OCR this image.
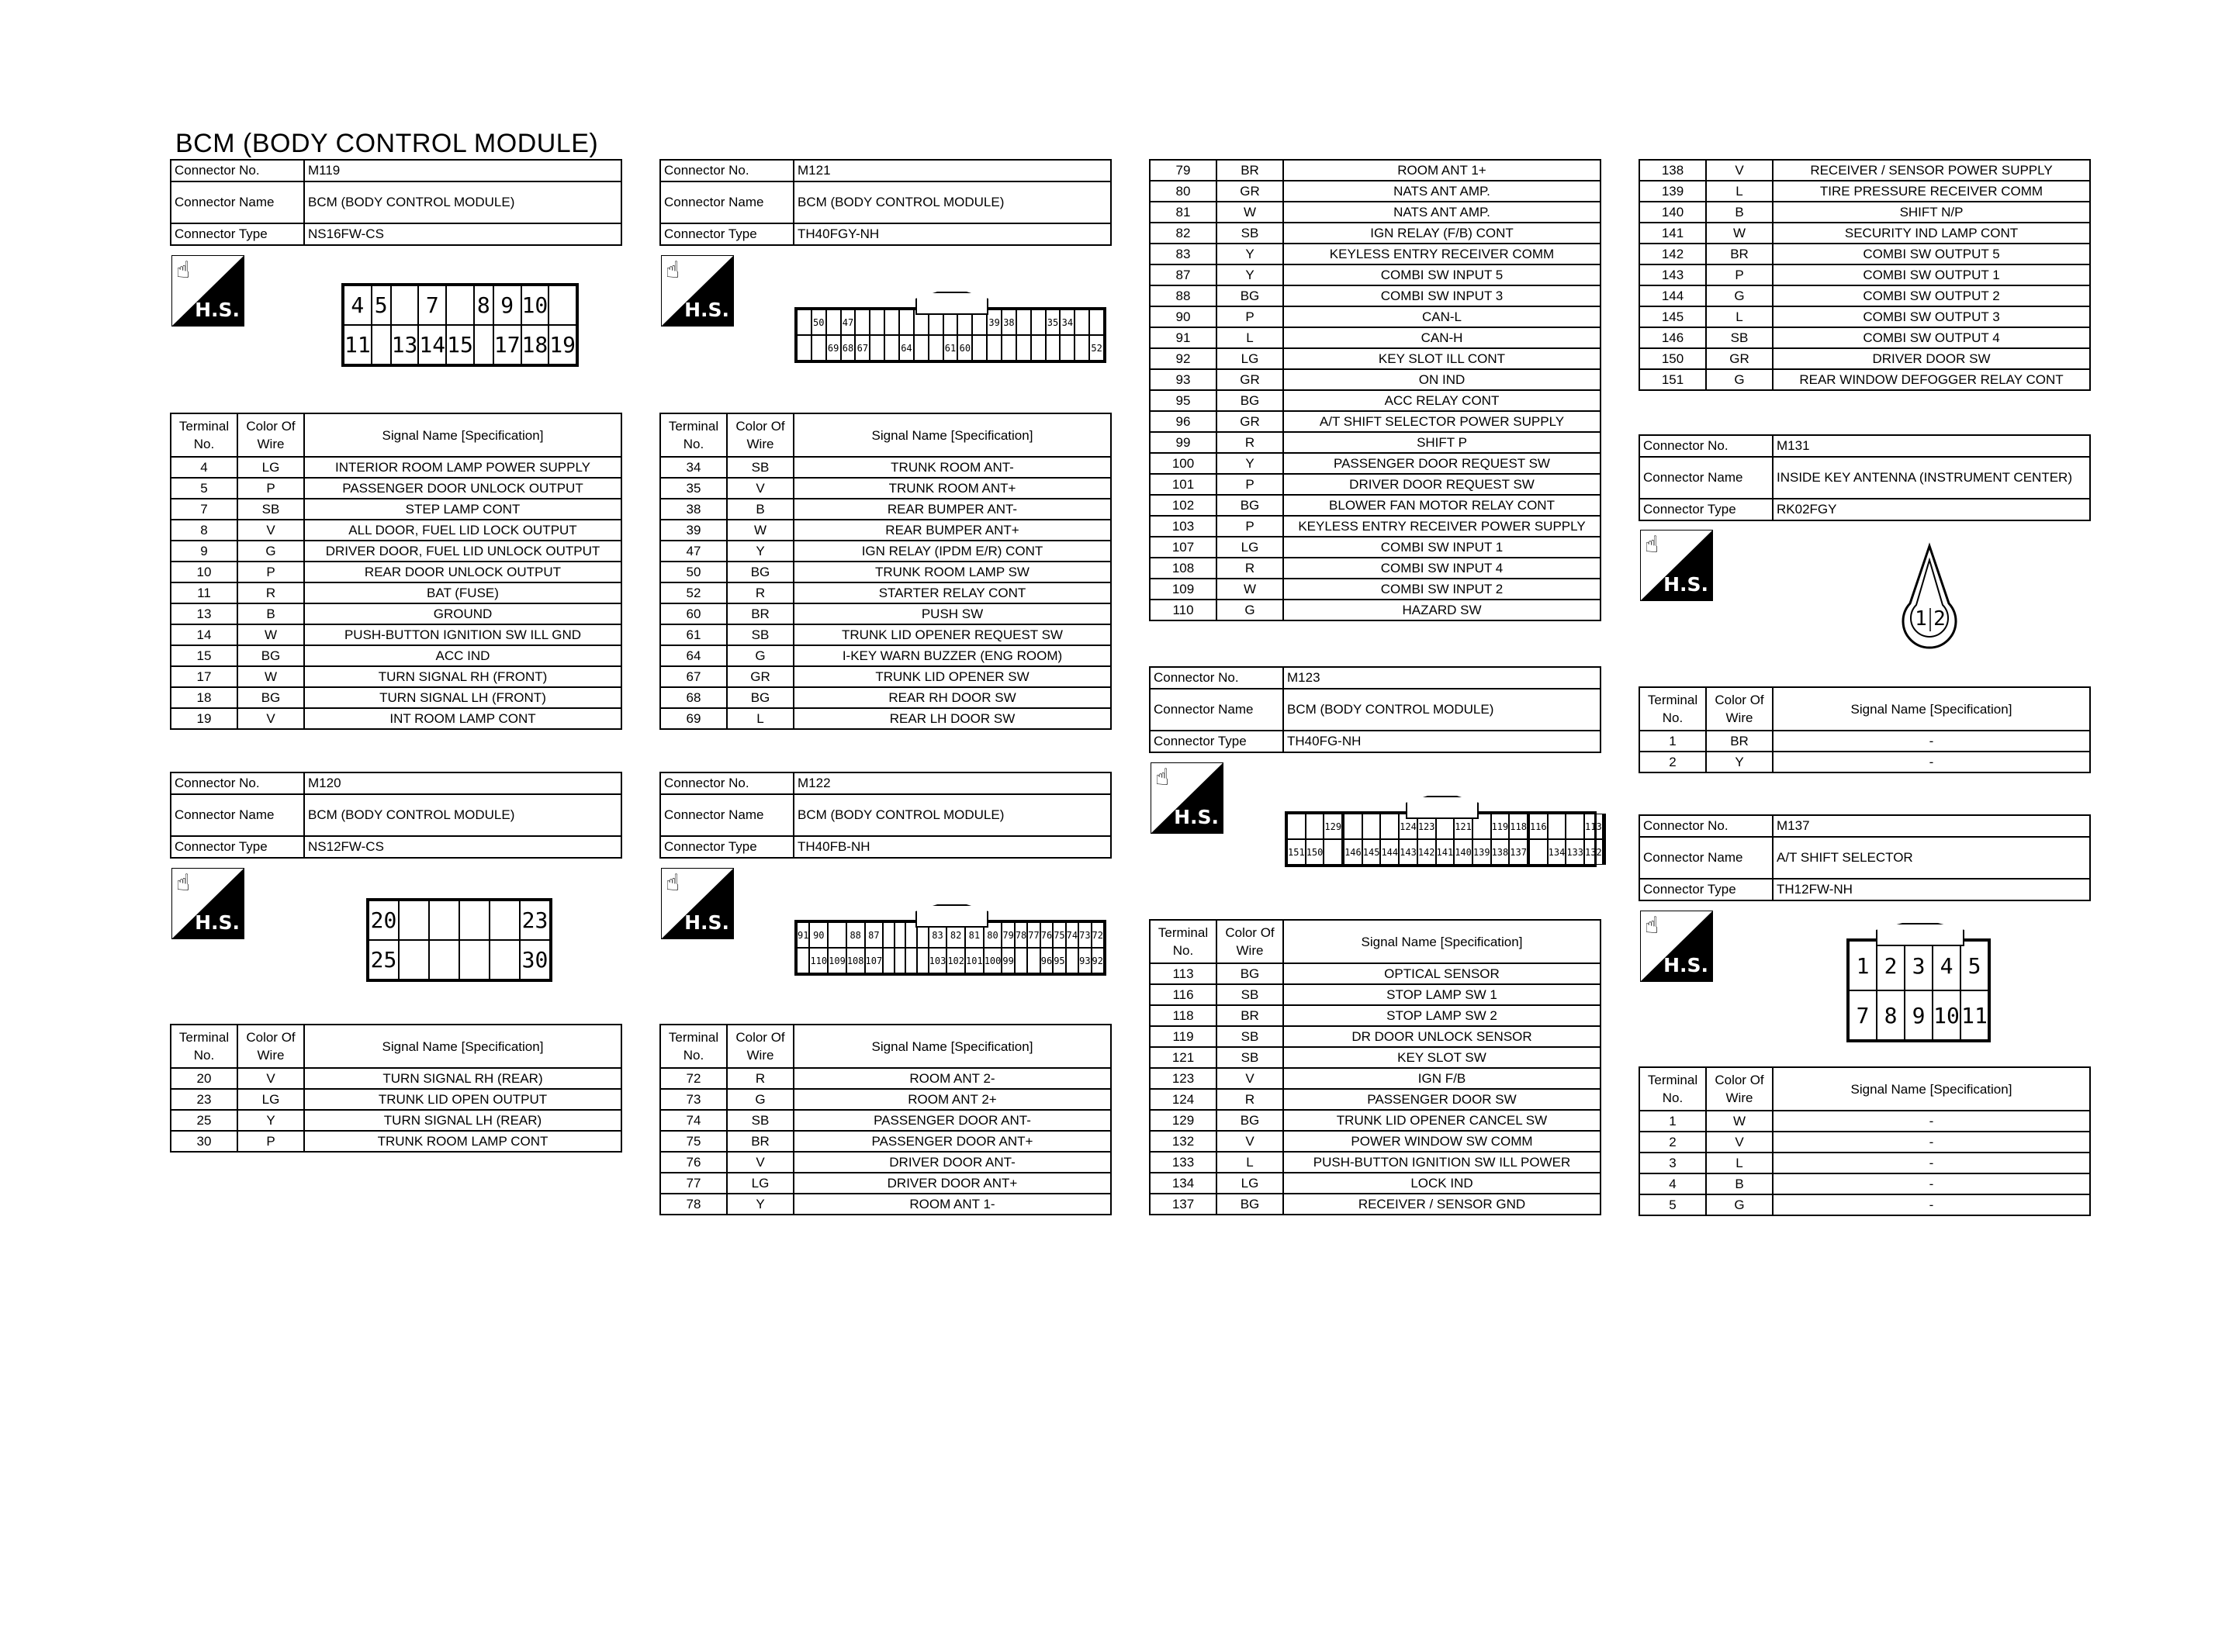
BCM (BODY CONTROL MODULE)
Connector No.	M119
Connector Name	BCM (BODY CONTROL MODULE)
Connector Type	NS16FW-CS
☝
H.S.	4 5	7	8 9 10
11 13 14 15 17 18 19
Terminal
No.	Color Of
Wire	Signal Name [Specification]
4	LG	INTERIOR ROOM LAMP POWER SUPPLY
5	P	PASSENGER DOOR UNLOCK OUTPUT
7	SB	STEP LAMP CONT
8	V	ALL DOOR, FUEL LID LOCK OUTPUT
9	G	DRIVER DOOR, FUEL LID UNLOCK OUTPUT
10	P	REAR DOOR UNLOCK OUTPUT
11	R	BAT (FUSE)
13	B	GROUND
14	W	PUSH-BUTTON IGNITION SW ILL GND
15	BG	ACC IND
17	W	TURN SIGNAL RH (FRONT)
18	BG	TURN SIGNAL LH (FRONT)
19	V	INT ROOM LAMP CONT
Connector No.	M120
Connector Name	BCM (BODY CONTROL MODULE)
Connector Type	NS12FW-CS
☝
H.S.	20	23
25	30
Terminal
No.	Color Of
Wire	Signal Name [Specification]
20	V	TURN SIGNAL RH (REAR)
23	LG	TRUNK LID OPEN OUTPUT
25	Y	TURN SIGNAL LH (REAR)
30	P	TRUNK ROOM LAMP CONT
Connector No.	M121
Connector Name	BCM (BODY CONTROL MODULE)
Connector Type	TH40FGY-NH
☝
H.S.
50 47	39 38	35 34
69 68 67	64	61 60	52
Terminal
No.	Color Of
Wire	Signal Name [Specification]
34	SB	TRUNK ROOM ANT-
35	V	TRUNK ROOM ANT+
38	B	REAR BUMPER ANT-
39	W	REAR BUMPER ANT+
47	Y	IGN RELAY (IPDM E/R) CONT
50	BG	TRUNK ROOM LAMP SW
52	R	STARTER RELAY CONT
60	BR	PUSH SW
61	SB	TRUNK LID OPENER REQUEST SW
64	G	I-KEY WARN BUZZER (ENG ROOM)
67	GR	TRUNK LID OPENER SW
68	BG	REAR RH DOOR SW
69	L	REAR LH DOOR SW
Connector No.	M122
Connector Name	BCM (BODY CONTROL MODULE)
Connector Type	TH40FB-NH
☝
H.S.
91 90	88 87	83 82 81 80 79 78 77 76 75 74 73 72
110 109 108 107	103 102 101 100 99	96 95 93 92
Terminal
No.	Color Of
Wire	Signal Name [Specification]
72	R	ROOM ANT 2-
73	G	ROOM ANT 2+
74	SB	PASSENGER DOOR ANT-
75	BR	PASSENGER DOOR ANT+
76	V	DRIVER DOOR ANT-
77	LG	DRIVER DOOR ANT+
78	Y	ROOM ANT 1-
79	BR	ROOM ANT 1+
80	GR	NATS ANT AMP.
81	W	NATS ANT AMP.
82	SB	IGN RELAY (F/B) CONT
83	Y	KEYLESS ENTRY RECEIVER COMM
87	Y	COMBI SW INPUT 5
88	BG	COMBI SW INPUT 3
90	P	CAN-L
91	L	CAN-H
92	LG	KEY SLOT ILL CONT
93	GR	ON IND
95	BG	ACC RELAY CONT
96	GR	A/T SHIFT SELECTOR POWER SUPPLY
99	R	SHIFT P
100	Y	PASSENGER DOOR REQUEST SW
101	P	DRIVER DOOR REQUEST SW
102	BG	BLOWER FAN MOTOR RELAY CONT
103	P	KEYLESS ENTRY RECEIVER POWER SUPPLY
107	LG	COMBI SW INPUT 1
108	R	COMBI SW INPUT 4
109	W	COMBI SW INPUT 2
110	G	HAZARD SW
Connector No.	M123
Connector Name	BCM (BODY CONTROL MODULE)
Connector Type	TH40FG-NH
☝
H.S.	129	124 123 121 119 118 116	113
151 150 146 145 144 143 142 141 140 139 138 137 134 133 132
Terminal
No.	Color Of
Wire	Signal Name [Specification]
113	BG	OPTICAL SENSOR
116	SB	STOP LAMP SW 1
118	BR	STOP LAMP SW 2
119	SB	DR DOOR UNLOCK SENSOR
121	SB	KEY SLOT SW
123	V	IGN F/B
124	R	PASSENGER DOOR SW
129	BG	TRUNK LID OPENER CANCEL SW
132	V	POWER WINDOW SW COMM
133	L	PUSH-BUTTON IGNITION SW ILL POWER
134	LG	LOCK IND
137	BG	RECEIVER / SENSOR GND
138	V	RECEIVER / SENSOR POWER SUPPLY
139	L	TIRE PRESSURE RECEIVER COMM
140	B	SHIFT N/P
141	W	SECURITY IND LAMP CONT
142	BR	COMBI SW OUTPUT 5
143	P	COMBI SW OUTPUT 1
144	G	COMBI SW OUTPUT 2
145	L	COMBI SW OUTPUT 3
146	SB	COMBI SW OUTPUT 4
150	GR	DRIVER DOOR SW
151	G	REAR WINDOW DEFOGGER RELAY CONT
Connector No.	M131
Connector Name	INSIDE KEY ANTENNA (INSTRUMENT CENTER)
Connector Type	RK02FGY
☝
H.S.
1 2
Terminal
No.	Color Of
Wire	Signal Name [Specification]
1	BR	-
2	Y	-
Connector No.	M137
Connector Name	A/T SHIFT SELECTOR
Connector Type	TH12FW-NH
☝
H.S.	1 2 3 4 5
7 8 9 10 11
Terminal
No.	Color Of
Wire	Signal Name [Specification]
1	W	-
2	V	-
3	L	-
4	B	-
5	G	-
